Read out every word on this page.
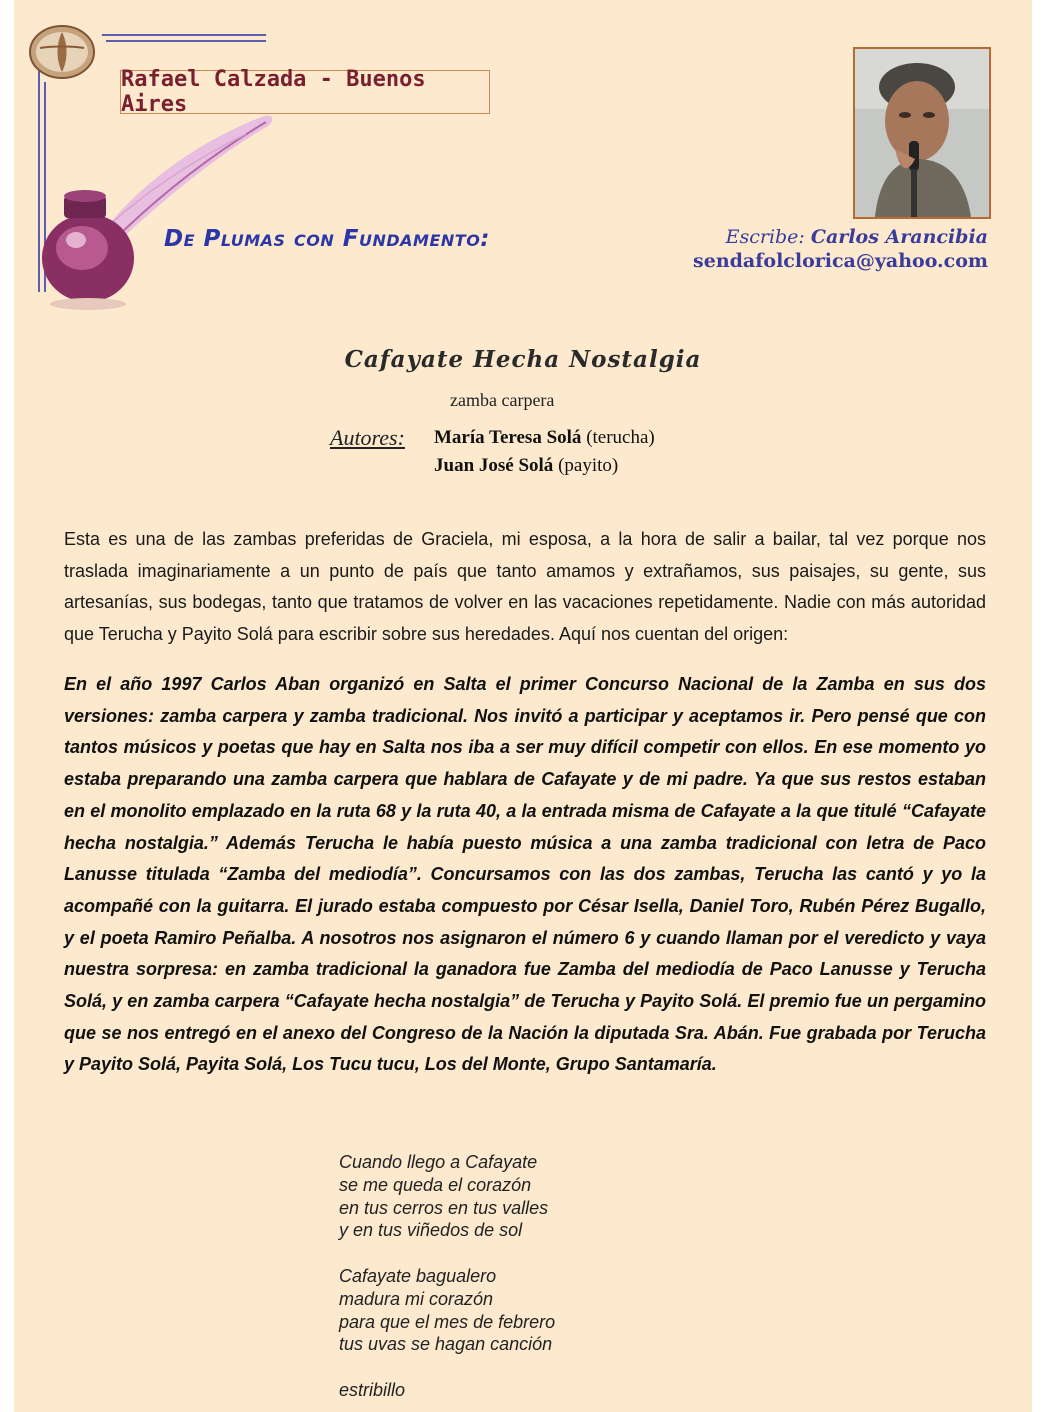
Rafael Calzada - Buenos Aires
De Plumas con Fundamento:	Escribe: Carlos Arancibia
sendafolclorica@yahoo.com
Cafayate Hecha Nostalgia
zamba carpera
Autores: María Teresa Solá (terucha)
Juan José Solá (payito)

Esta es una de las zambas preferidas de Graciela, mi esposa, a la hora de salir a bailar, tal vez porque nos traslada imaginariamente a un punto de país que tanto amamos y extrañamos, sus paisajes, su gente, sus artesanías, sus bodegas, tanto que tratamos de volver en las vacaciones repetidamente. Nadie con más autoridad que Terucha y Payito Solá para escribir sobre sus heredades. Aquí nos cuentan del origen:

En el año 1997 Carlos Aban organizó en Salta el primer Concurso Nacional de la Zamba en sus dos versiones: zamba carpera y zamba tradicional. Nos invitó a participar y aceptamos ir. Pero pensé que con tantos músicos y poetas que hay en Salta nos iba a ser muy difícil competir con ellos. En ese momento yo estaba preparando una zamba carpera que hablara de Cafayate y de mi padre. Ya que sus restos estaban en el monolito emplazado en la ruta 68 y la ruta 40, a la entrada misma de Cafayate a la que titulé “Cafayate hecha nostalgia.” Además Terucha le había puesto música a una zamba tradicional con letra de Paco Lanusse titulada “Zamba del mediodía”. Concursamos con las dos zambas, Terucha las cantó y yo la acompañé con la guitarra. El jurado estaba compuesto por César Isella, Daniel Toro, Rubén Pérez Bugallo, y el poeta Ramiro Peñalba. A nosotros nos asignaron el número 6 y cuando llaman por el veredicto y vaya nuestra sorpresa: en zamba tradicional la ganadora fue Zamba del mediodía de Paco Lanusse y Terucha Solá, y en zamba carpera “Cafayate hecha nostalgia” de Terucha y Payito Solá. El premio fue un pergamino que se nos entregó en el anexo del Congreso de la Nación la diputada Sra. Abán. Fue grabada por Terucha y Payito Solá, Payita Solá, Los Tucu tucu, Los del Monte, Grupo Santamaría.

Cuando llego a Cafayate
se me queda el corazón
en tus cerros en tus valles
y en tus viñedos de sol
Cafayate bagualero
madura mi corazón
para que el mes de febrero
tus uvas se hagan canción
estribillo
